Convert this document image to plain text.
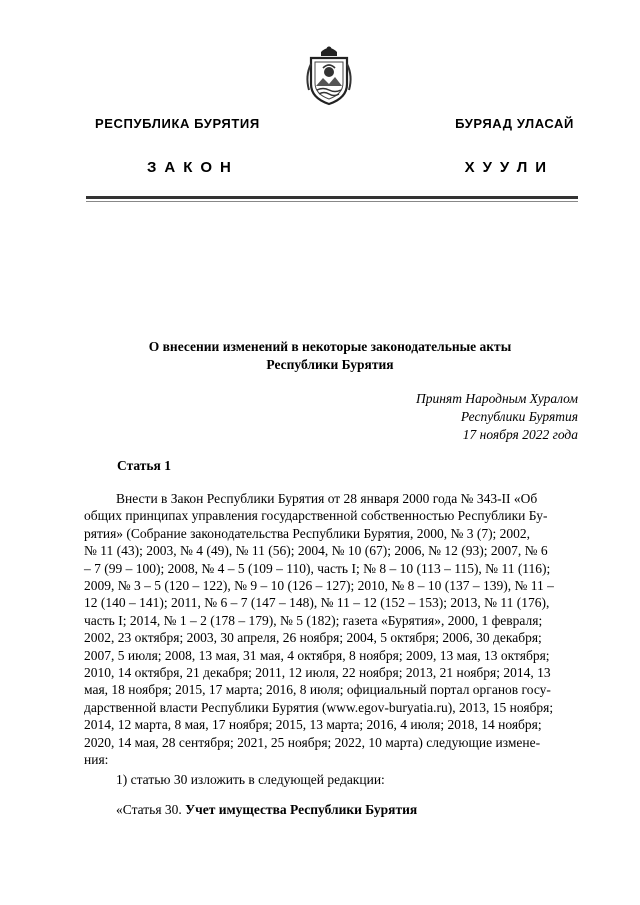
РЕСПУБЛИКА БУРЯТИЯ	БУРЯАД УЛАСАЙ
ЗАКОН	ХУУЛИ
О внесении изменений в некоторые законодательные акты
Республики Бурятия
Принят Народным Хуралом
Республики Бурятия
17 ноября 2022 года
Статья 1
Внести в Закон Республики Бурятия от 28 января 2000 года № 343-II «Об
общих принципах управления государственной собственностью Республики Бу-
рятия» (Собрание законодательства Республики Бурятия, 2000, № 3 (7); 2002,
№ 11 (43); 2003, № 4 (49), № 11 (56); 2004, № 10 (67); 2006, № 12 (93); 2007, № 6
– 7 (99 – 100); 2008, № 4 – 5 (109 – 110), часть I; № 8 – 10 (113 – 115), № 11 (116);
2009, № 3 – 5 (120 – 122), № 9 – 10 (126 – 127); 2010, № 8 – 10 (137 – 139), № 11 –
12 (140 – 141); 2011, № 6 – 7 (147 – 148), № 11 – 12 (152 – 153); 2013, № 11 (176),
часть I; 2014, № 1 – 2 (178 – 179), № 5 (182); газета «Бурятия», 2000, 1 февраля;
2002, 23 октября; 2003, 30 апреля, 26 ноября; 2004, 5 октября; 2006, 30 декабря;
2007, 5 июля; 2008, 13 мая, 31 мая, 4 октября, 8 ноября; 2009, 13 мая, 13 октября;
2010, 14 октября, 21 декабря; 2011, 12 июля, 22 ноября; 2013, 21 ноября; 2014, 13
мая, 18 ноября; 2015, 17 марта; 2016, 8 июля; официальный портал органов госу-
дарственной власти Республики Бурятия (www.egov-buryatia.ru), 2013, 15 ноября;
2014, 12 марта, 8 мая, 17 ноября; 2015, 13 марта; 2016, 4 июля; 2018, 14 ноября;
2020, 14 мая, 28 сентября; 2021, 25 ноября; 2022, 10 марта) следующие измене-
ния:
1) статью 30 изложить в следующей редакции:
«Статья 30. Учет имущества Республики Бурятия
